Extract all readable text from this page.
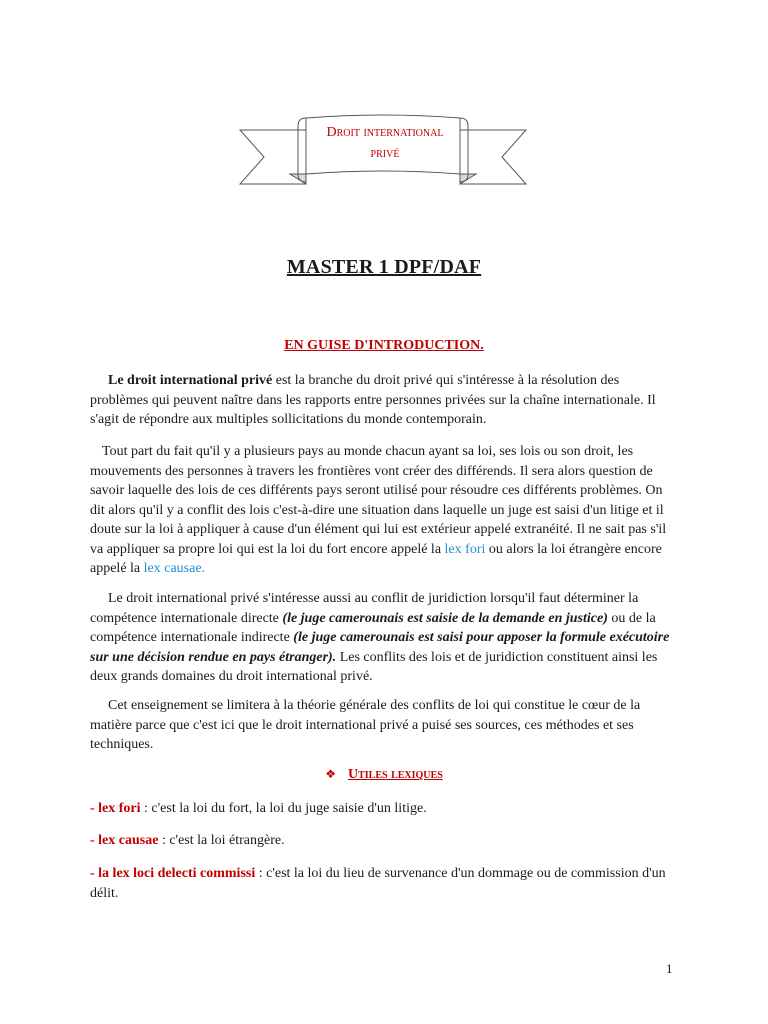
Droit international
privé
MASTER 1 DPF/DAF
EN GUISE D'INTRODUCTION.

Le droit international privé est la branche du droit privé qui s'intéresse à la résolution des problèmes qui peuvent naître dans les rapports entre personnes privées sur la chaîne internationale. Il s'agit de répondre aux multiples sollicitations du monde contemporain.

Tout part du fait qu'il y a plusieurs pays au monde chacun ayant sa loi, ses lois ou son droit, les mouvements des personnes à travers les frontières vont créer des différends. Il sera alors question de savoir laquelle des lois de ces différents pays seront utilisé pour résoudre ces différents problèmes. On dit alors qu'il y a conflit des lois c'est-à-dire une situation dans laquelle un juge est saisi d'un litige et il doute sur la loi à appliquer à cause d'un élément qui lui est extérieur appelé extranéité. Il ne sait pas s'il va appliquer sa propre loi qui est la loi du fort encore appelé la lex fori ou alors la loi étrangère encore appelé la lex causae.

Le droit international privé s'intéresse aussi au conflit de juridiction lorsqu'il faut déterminer la compétence internationale directe (le juge camerounais est saisie de la demande en justice) ou de la compétence internationale indirecte (le juge camerounais est saisi pour apposer la formule exécutoire sur une décision rendue en pays étranger). Les conflits des lois et de juridiction constituent ainsi les deux grands domaines du droit international privé.

Cet enseignement se limitera à la théorie générale des conflits de loi qui constitue le cœur de la matière parce que c'est ici que le droit international privé a puisé ses sources, ces méthodes et ses techniques.

❖ Utiles lexiques

- lex fori : c'est la loi du fort, la loi du juge saisie d'un litige.

- lex causae : c'est la loi étrangère.

- la lex loci delecti commissi : c'est la loi du lieu de survenance d'un dommage ou de commission d'un délit.

1
